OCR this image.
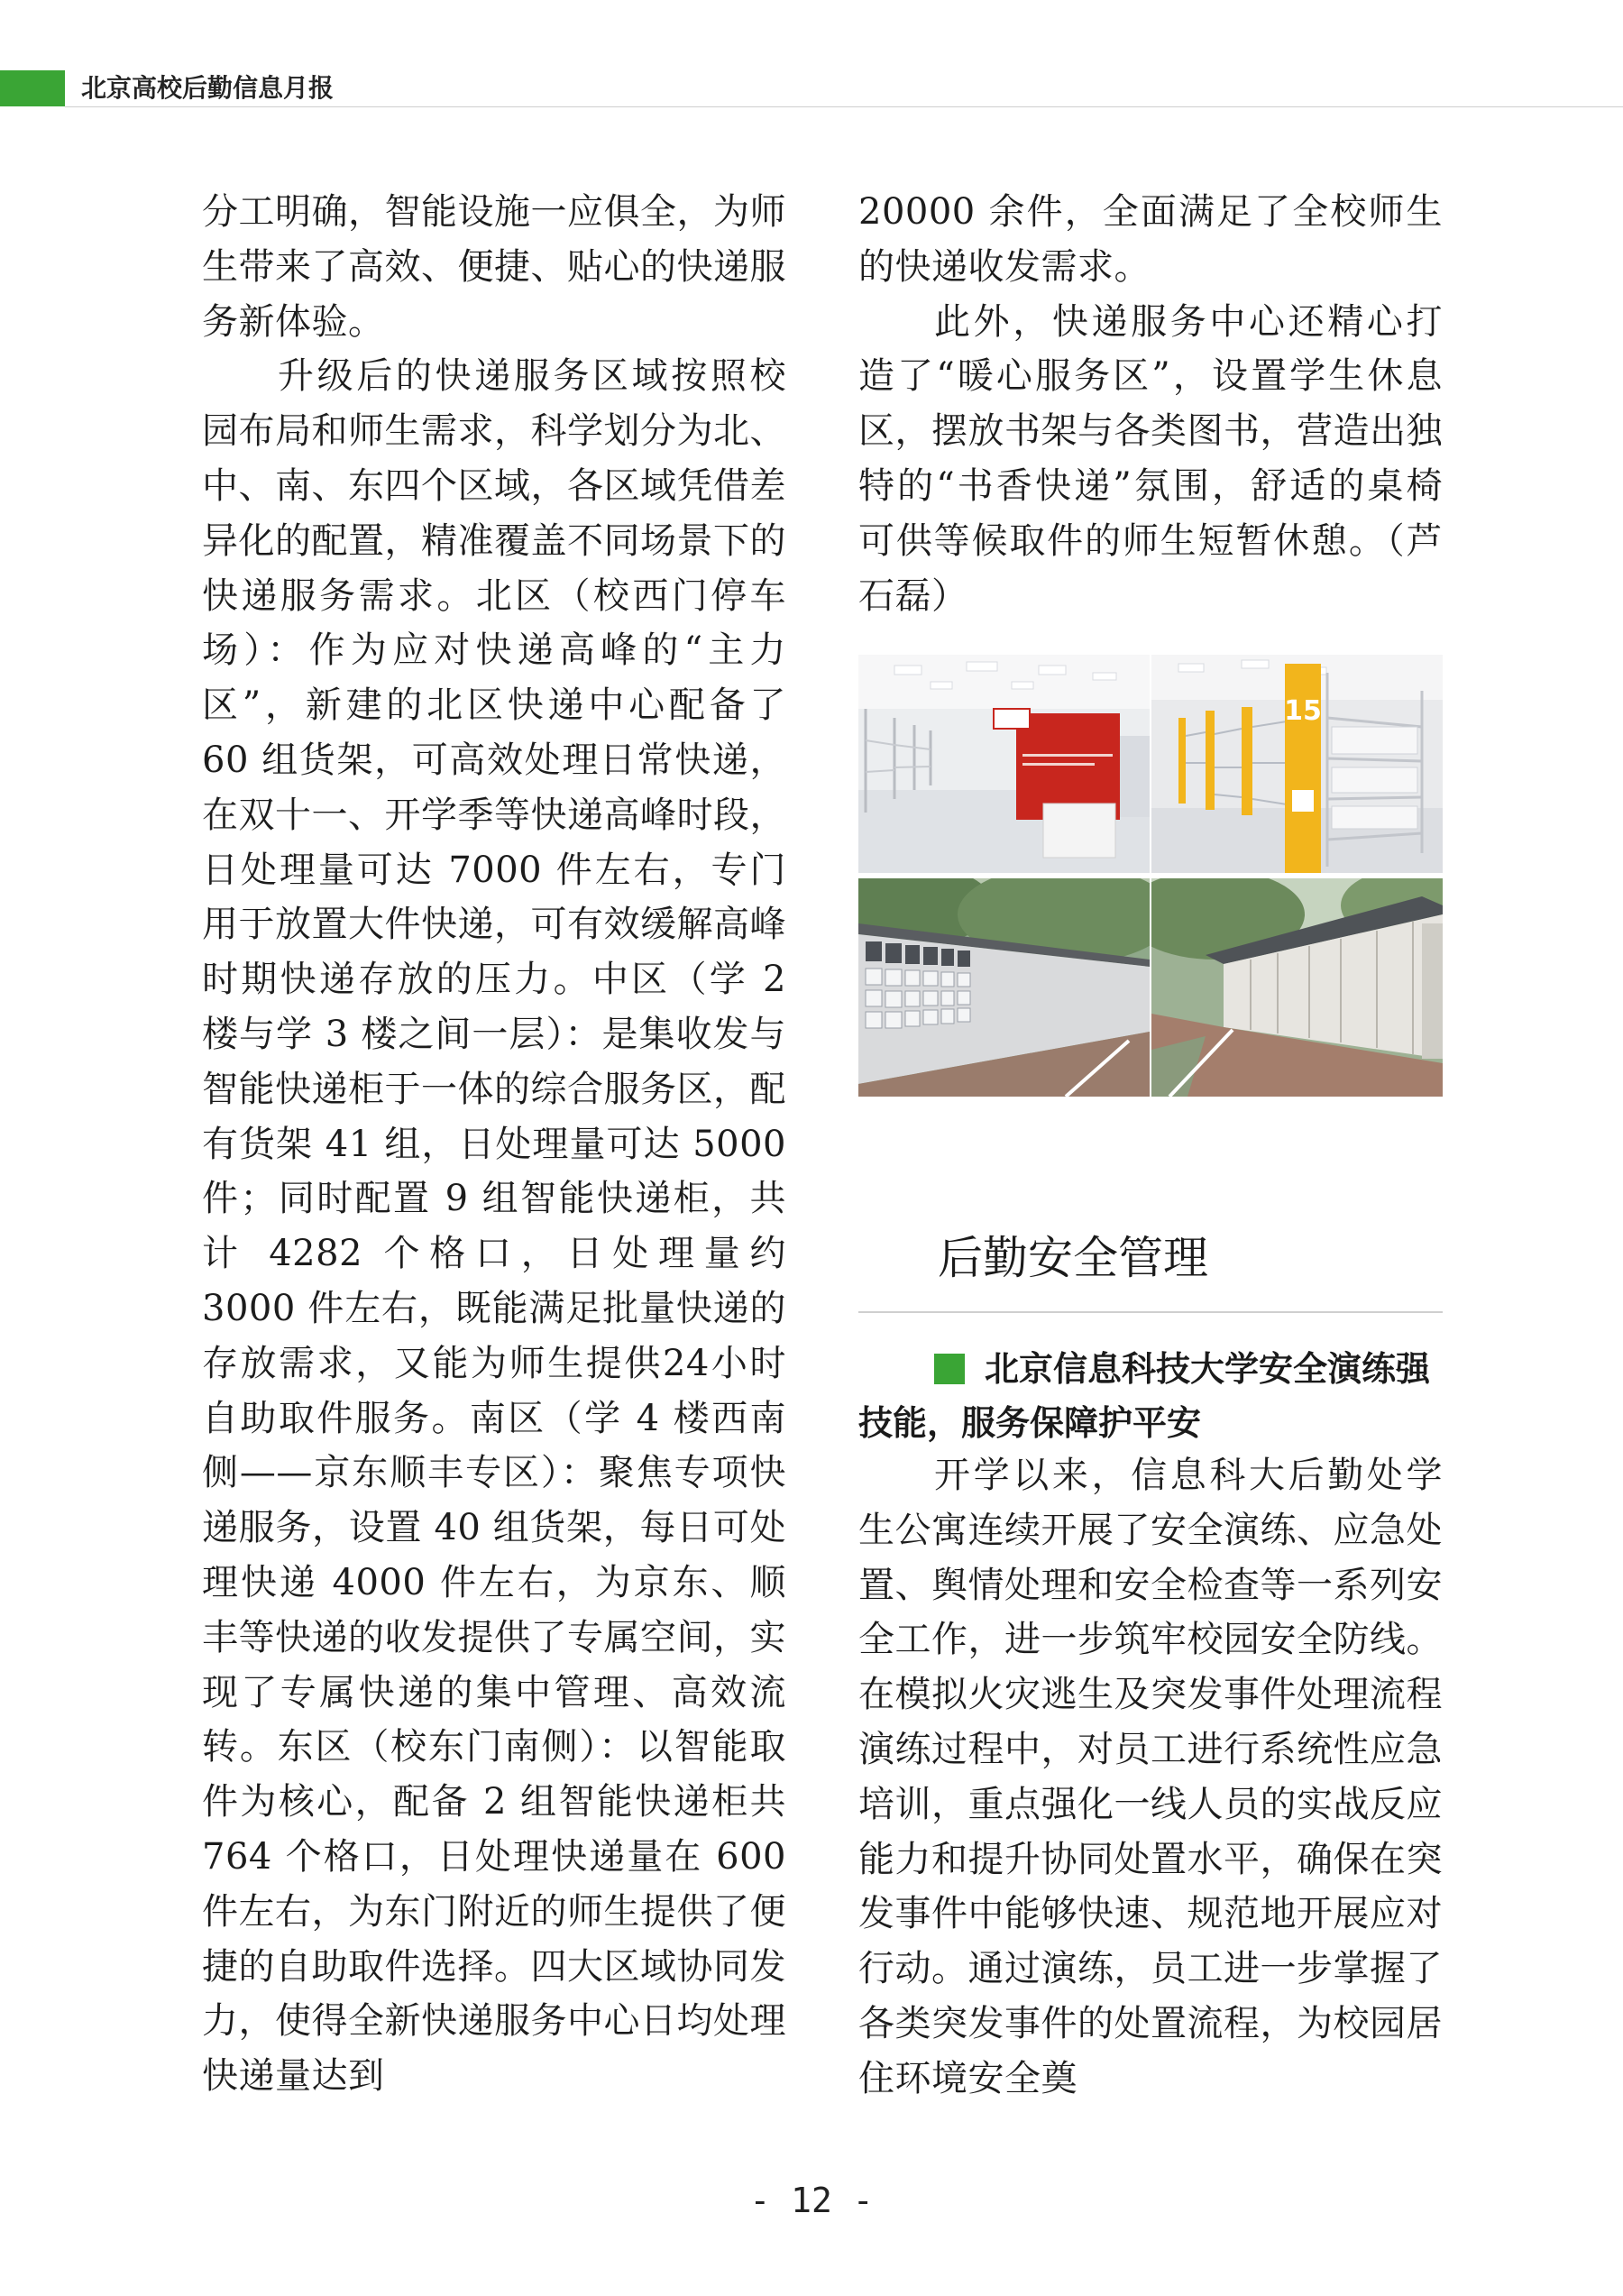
北京高校后勤信息月报

分工明确，智能设施一应俱全，为师生带来了高效、便捷、贴心的快递服务新体验。

升级后的快递服务区域按照校园布局和师生需求，科学划分为北、中、南、东四个区域，各区域凭借差异化的配置，精准覆盖不同场景下的快递服务需求。北区（校西门停车场）：作为应对快递高峰的“主力区”，新建的北区快递中心配备了 60 组货架，可高效处理日常快递，在双十一、开学季等快递高峰时段，日处理量可达 7000 件左右，专门用于放置大件快递，可有效缓解高峰时期快递存放的压力。中区（学 2 楼与学 3 楼之间一层）：是集收发与智能快递柜于一体的综合服务区，配有货架 41 组，日处理量可达 5000 件；同时配置 9 组智能快递柜，共计 4282 个格口，日处理量约 3000 件左右，既能满足批量快递的存放需求，又能为师生提供24小时自助取件服务。南区（学 4 楼西南侧——京东顺丰专区）：聚焦专项快递服务，设置 40 组货架，每日可处理快递 4000 件左右，为京东、顺丰等快递的收发提供了专属空间，实现了专属快递的集中管理、高效流转。东区（校东门南侧）：以智能取件为核心，配备 2 组智能快递柜共 764 个格口，日处理快递量在 600 件左右，为东门附近的师生提供了便捷的自助取件选择。四大区域协同发力，使得全新快递服务中心日均处理快递量达到

20000 余件，全面满足了全校师生的快递收发需求。

此外，快递服务中心还精心打造了“暖心服务区”，设置学生休息区，摆放书架与各类图书，营造出独特的“书香快递”氛围，舒适的桌椅可供等候取件的师生短暂休憩。（芦石磊）

15
后勤安全管理
北京信息科技大学安全演练强技能，服务保障护平安

开学以来，信息科大后勤处学生公寓连续开展了安全演练、应急处置、舆情处理和安全检查等一系列安全工作，进一步筑牢校园安全防线。在模拟火灾逃生及突发事件处理流程演练过程中，对员工进行系统性应急培训，重点强化一线人员的实战反应能力和提升协同处置水平，确保在突发事件中能够快速、规范地开展应对行动。通过演练，员工进一步掌握了各类突发事件的处置流程，为校园居住环境安全奠

- 12 -
